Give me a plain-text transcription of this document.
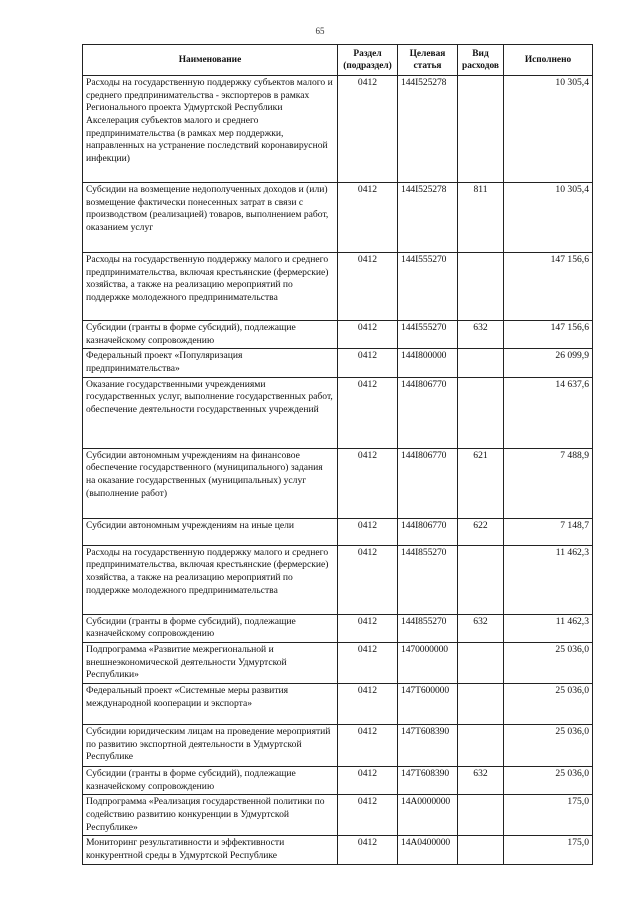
65
Наименование	Раздел (подраздел)	Целевая статья	Вид расходов	Исполнено
Расходы на государственную поддержку субъектов малого и среднего предпринимательства - экспортеров в рамках Регионального проекта Удмуртской Республики Акселерация субъектов малого и среднего предпринимательства (в рамках мер поддержки, направленных на устранение последствий коронавирусной инфекции)	0412	144I525278		10 305,4
Субсидии на возмещение недополученных доходов и (или) возмещение фактически понесенных затрат в связи с производством (реализацией) товаров, выполнением работ, оказанием услуг	0412	144I525278	811	10 305,4
Расходы на государственную поддержку малого и среднего предпринимательства, включая крестьянские (фермерские) хозяйства, а также на реализацию мероприятий по поддержке молодежного предпринимательства	0412	144I555270		147 156,6
Субсидии (гранты в форме субсидий), подлежащие казначейскому сопровождению	0412	144I555270	632	147 156,6
Федеральный проект «Популяризация предпринимательства»	0412	144I800000		26 099,9
Оказание государственными учреждениями государственных услуг, выполнение государственных работ, обеспечение деятельности государственных учреждений	0412	144I806770		14 637,6
Субсидии автономным учреждениям на финансовое обеспечение государственного (муниципального) задания на оказание государственных (муниципальных) услуг (выполнение работ)	0412	144I806770	621	7 488,9
Субсидии автономным учреждениям на иные цели	0412	144I806770	622	7 148,7
Расходы на государственную поддержку малого и среднего предпринимательства, включая крестьянские (фермерские) хозяйства, а также на реализацию мероприятий по поддержке молодежного предпринимательства	0412	144I855270		11 462,3
Субсидии (гранты в форме субсидий), подлежащие казначейскому сопровождению	0412	144I855270	632	11 462,3
Подпрограмма «Развитие межрегиональной и внешнеэкономической деятельности Удмуртской Республики»	0412	1470000000		25 036,0
Федеральный проект «Системные меры развития международной кооперации и экспорта»	0412	147T600000		25 036,0
Субсидии юридическим лицам на проведение мероприятий по развитию экспортной деятельности в Удмуртской Республике	0412	147T608390		25 036,0
Субсидии (гранты в форме субсидий), подлежащие казначейскому сопровождению	0412	147T608390	632	25 036,0
Подпрограмма «Реализация государственной политики по содействию развитию конкуренции в Удмуртской Республике»	0412	14A0000000		175,0
Мониторинг результативности и эффективности конкурентной среды в Удмуртской Республике	0412	14A0400000		175,0
